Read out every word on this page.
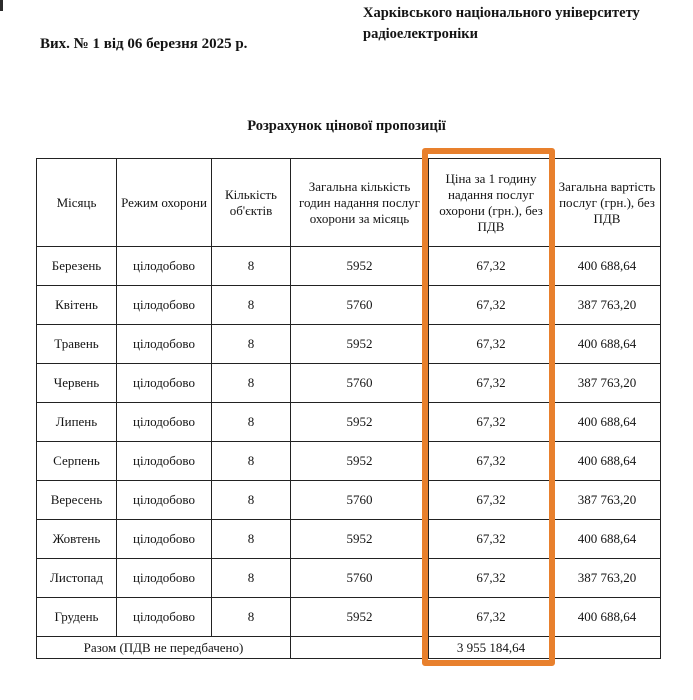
Харківського національного університету
радіоелектроніки
Вих. № 1 від 06 березня 2025 р.
Розрахунок цінової пропозиції
Місяць	Режим охорони	Кількість об'єктів	Загальна кількість годин надання послуг охорони за місяць	Ціна за 1 годину надання послуг охорони (грн.), без ПДВ	Загальна вартість послуг (грн.), без ПДВ
Березень	цілодобово	8	5952	67,32	400 688,64
Квітень	цілодобово	8	5760	67,32	387 763,20
Травень	цілодобово	8	5952	67,32	400 688,64
Червень	цілодобово	8	5760	67,32	387 763,20
Липень	цілодобово	8	5952	67,32	400 688,64
Серпень	цілодобово	8	5952	67,32	400 688,64
Вересень	цілодобово	8	5760	67,32	387 763,20
Жовтень	цілодобово	8	5952	67,32	400 688,64
Листопад	цілодобово	8	5760	67,32	387 763,20
Грудень	цілодобово	8	5952	67,32	400 688,64
Разом (ПДВ не передбачено)				3 955 184,64	
